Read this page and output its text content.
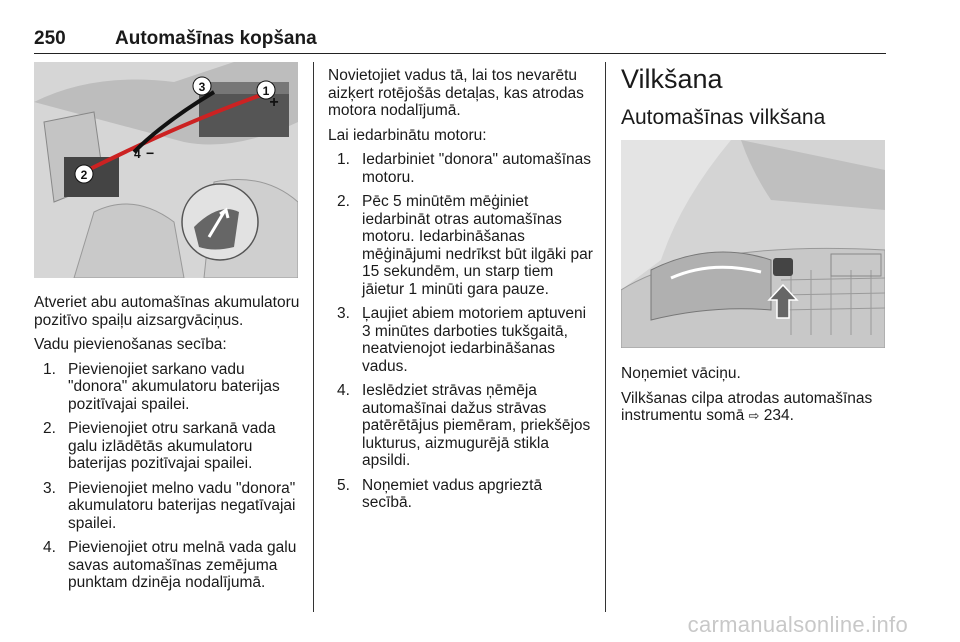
250	Automašīnas kopšana
3	1
+
2
4 −

Atveriet abu automašīnas akumulatoru pozitīvo spaiļu aizsargvāciņus.

Vadu pievienošanas secība:

1. Pievienojiet sarkano vadu "donora" akumulatoru baterijas pozitīvajai spailei.
2. Pievienojiet otru sarkanā vada galu izlādētās akumulatoru baterijas pozitīvajai spailei.
3. Pievienojiet melno vadu "donora" akumulatoru baterijas negatīvajai spailei.
4. Pievienojiet otru melnā vada galu savas automašīnas zemējuma punktam dzinēja nodalījumā.

Novietojiet vadus tā, lai tos nevarētu aizķert rotējošās detaļas, kas atrodas motora nodalījumā.

Lai iedarbinātu motoru:

1. Iedarbiniet "donora" automašīnas motoru.
2. Pēc 5 minūtēm mēģiniet iedarbināt otras automašīnas motoru. Iedarbināšanas mēģinājumi nedrīkst būt ilgāki par 15 sekundēm, un starp tiem jāietur 1 minūti gara pauze.
3. Ļaujiet abiem motoriem aptuveni 3 minūtes darboties tukšgaitā, neatvienojot iedarbināšanas vadus.
4. Ieslēdziet strāvas ņēmēja automašīnai dažus strāvas patērētājus piemēram, priekšējos lukturus, aizmugurējā stikla apsildi.
5. Noņemiet vadus apgrieztā secībā.
Vilkšana
Automašīnas vilkšana

Noņemiet vāciņu.

Vilkšanas cilpa atrodas automašīnas instrumentu somā ⇨ 234.

carmanualsonline.info
